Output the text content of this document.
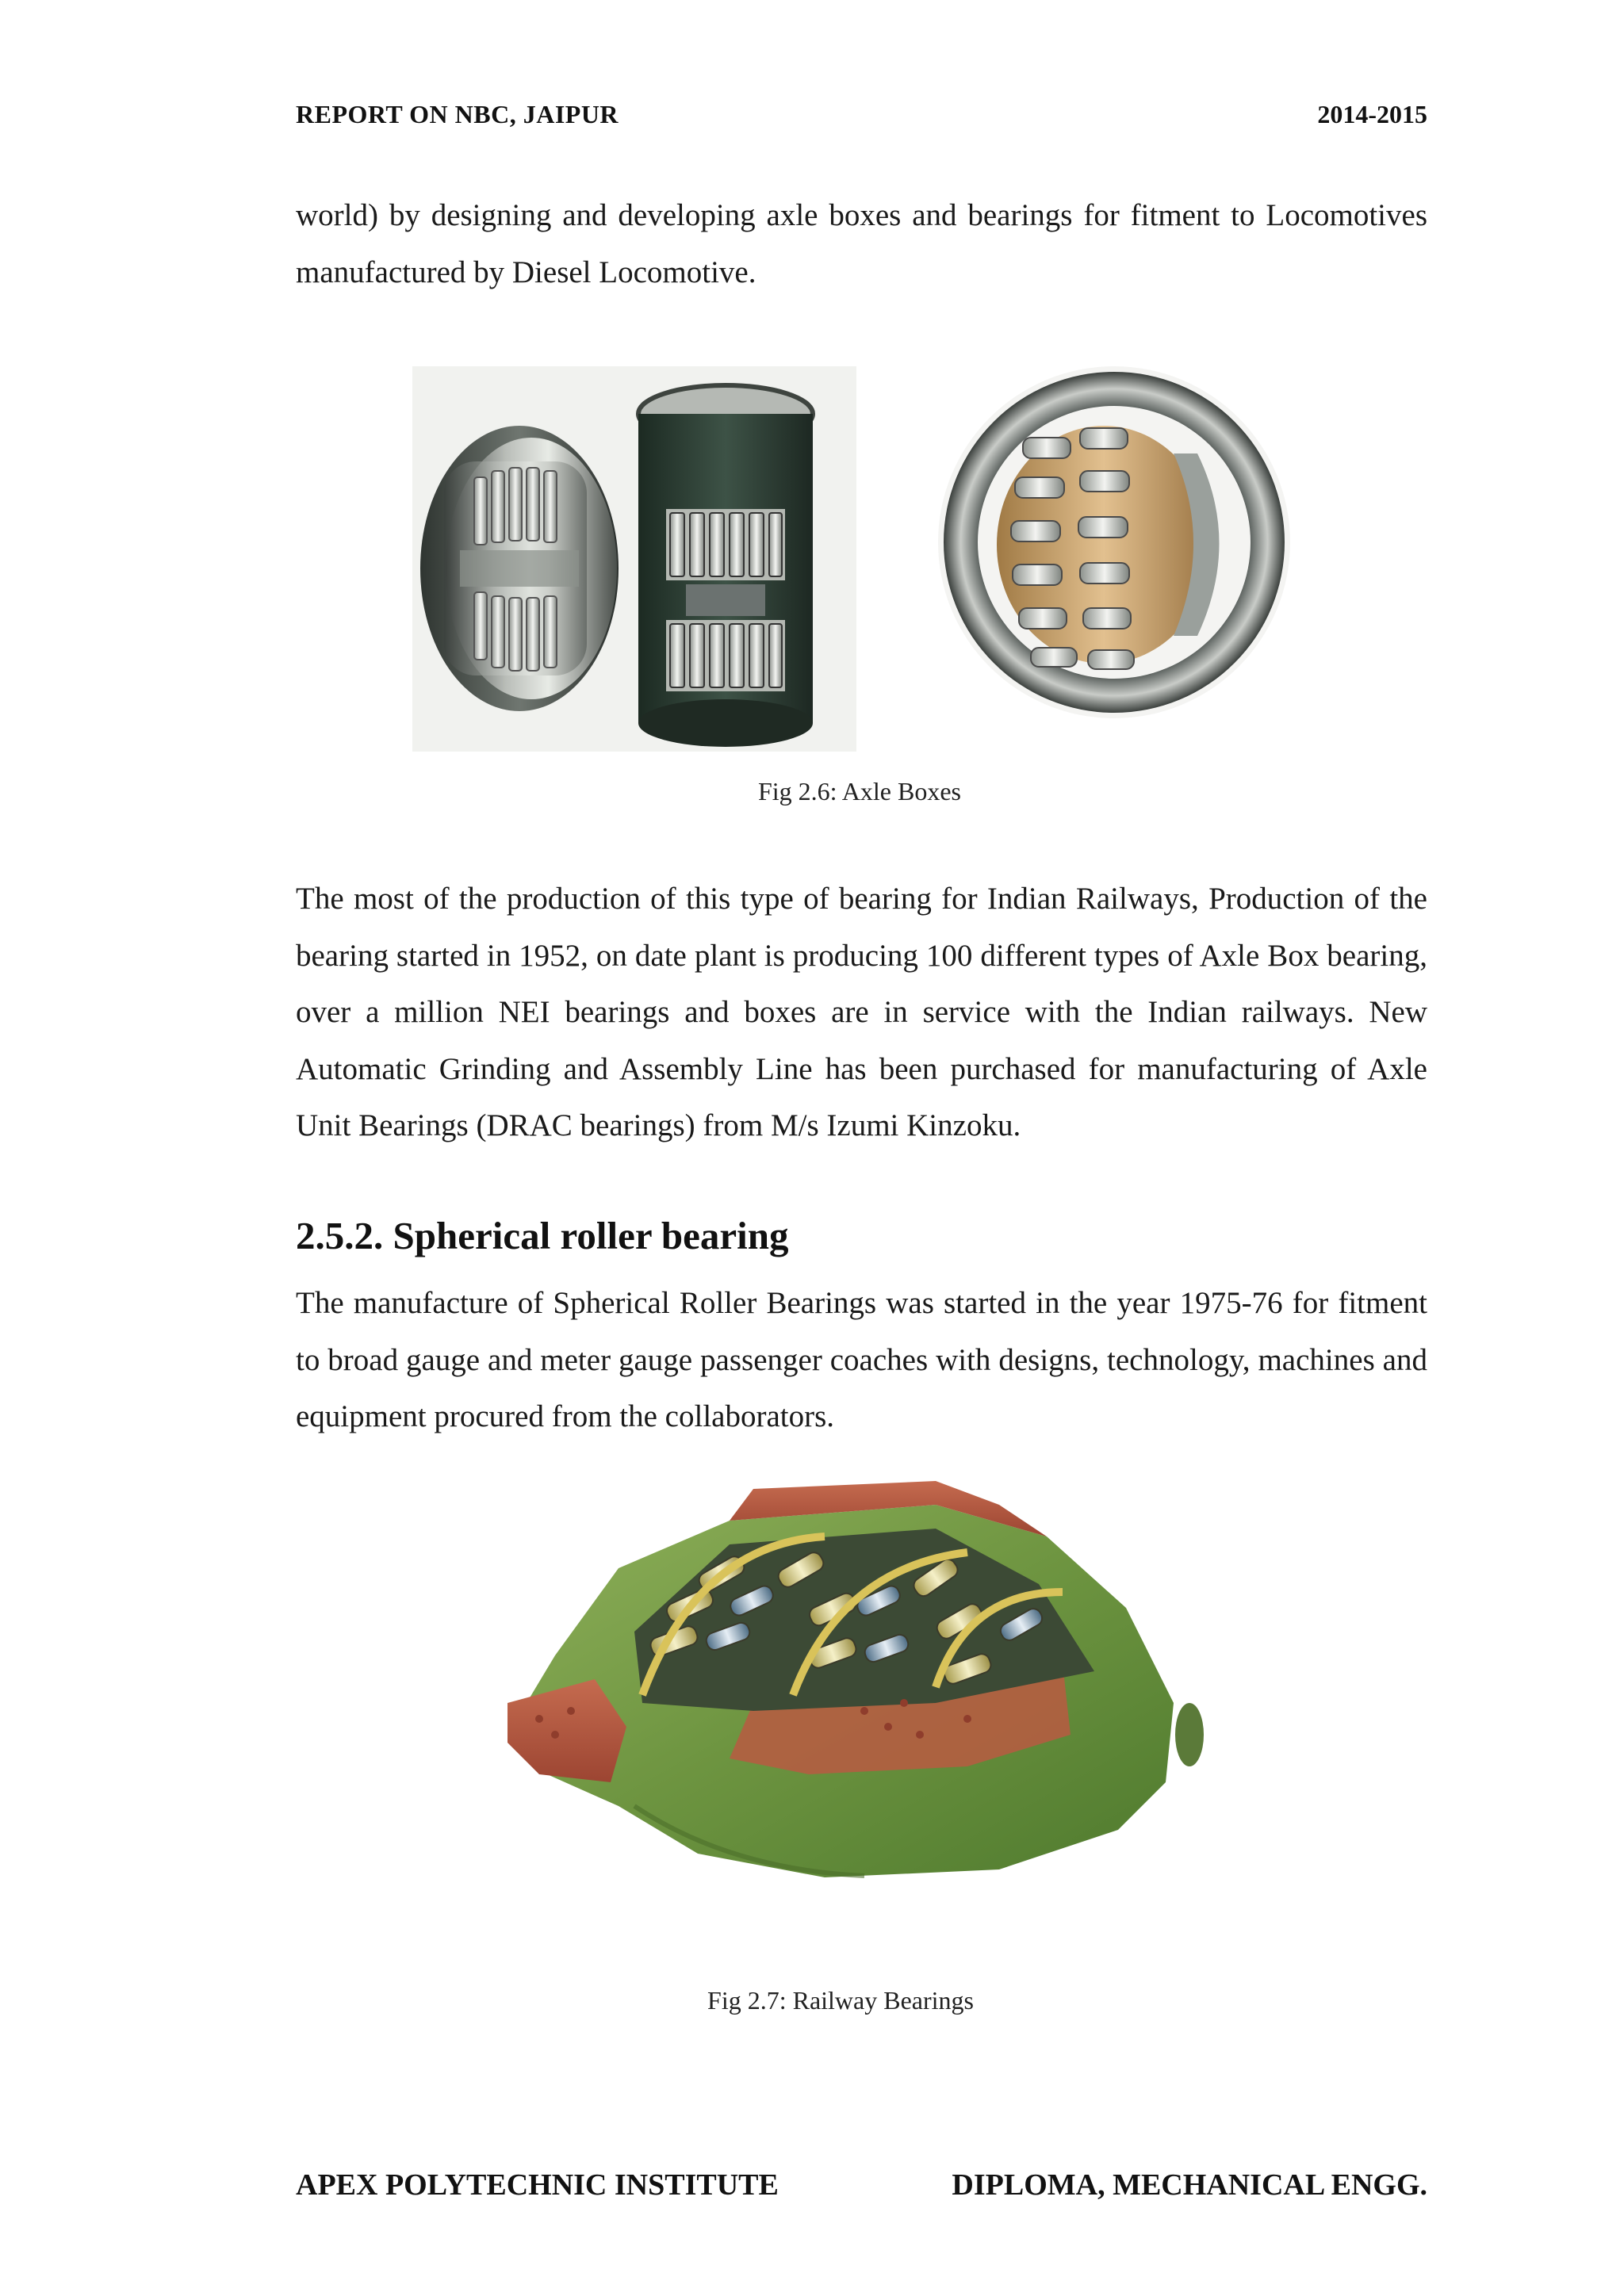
REPORT ON NBC, JAIPUR	2014-2015

world) by designing and developing axle boxes and bearings for fitment to Locomotives manufactured by Diesel Locomotive.

Fig 2.6: Axle Boxes

The most of the production of this type of bearing for Indian Railways, Production of the bearing started in 1952, on date plant is producing 100 different types of Axle Box bearing, over a million NEI bearings and boxes are in service with the Indian railways. New Automatic Grinding and Assembly Line has been purchased for manufacturing of Axle Unit Bearings (DRAC bearings) from M/s Izumi Kinzoku.

2.5.2. Spherical roller bearing

The manufacture of Spherical Roller Bearings was started in the year 1975-76 for fitment to broad gauge and meter gauge passenger coaches with designs, technology, machines and equipment procured from the collaborators.

Fig 2.7: Railway Bearings
APEX POLYTECHNIC INSTITUTE	DIPLOMA, MECHANICAL ENGG.
